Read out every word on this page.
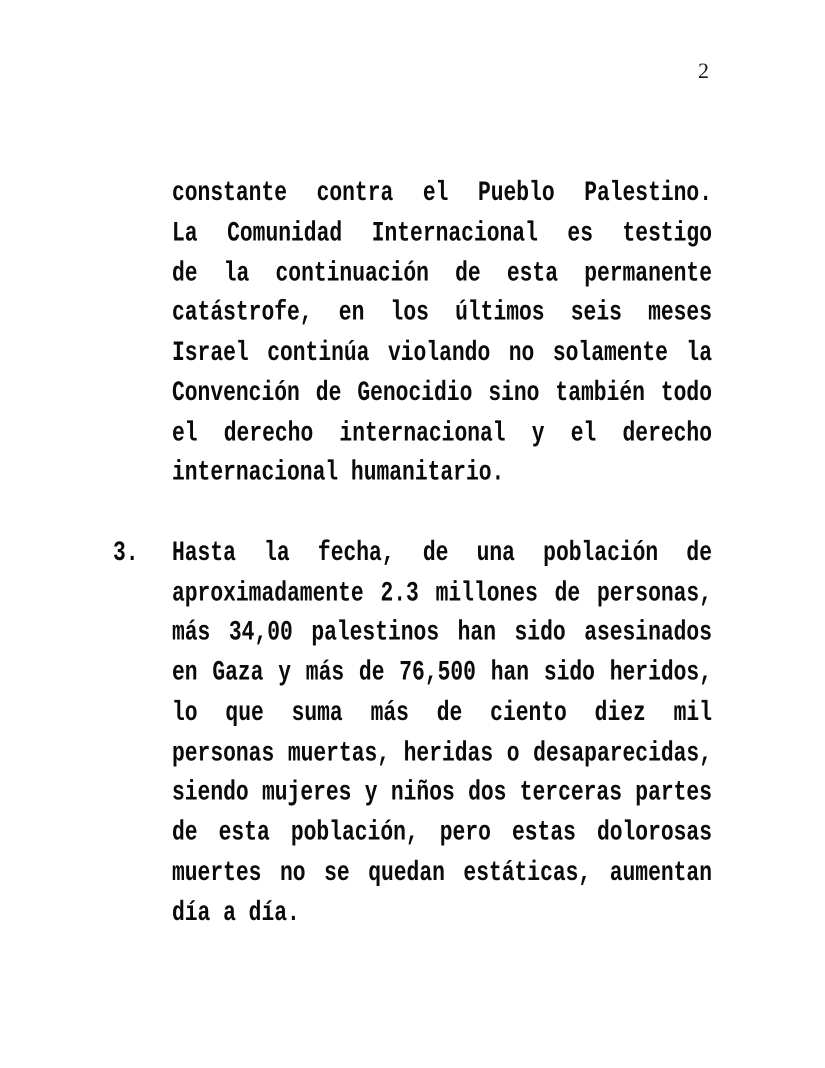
2
constante contra el Pueblo Palestino.
La Comunidad Internacional es testigo
de la continuación de esta permanente
catástrofe, en los últimos seis meses
Israel continúa violando no solamente la
Convención de Genocidio sino también todo
el derecho internacional y el derecho
internacional humanitario.
3. Hasta la fecha, de una población de
aproximadamente 2.3 millones de personas,
más 34,00 palestinos han sido asesinados
en Gaza y más de 76,500 han sido heridos,
lo que suma más de ciento diez mil
personas muertas, heridas o desaparecidas,
siendo mujeres y niños dos terceras partes
de esta población, pero estas dolorosas
muertes no se quedan estáticas, aumentan
día a día.
